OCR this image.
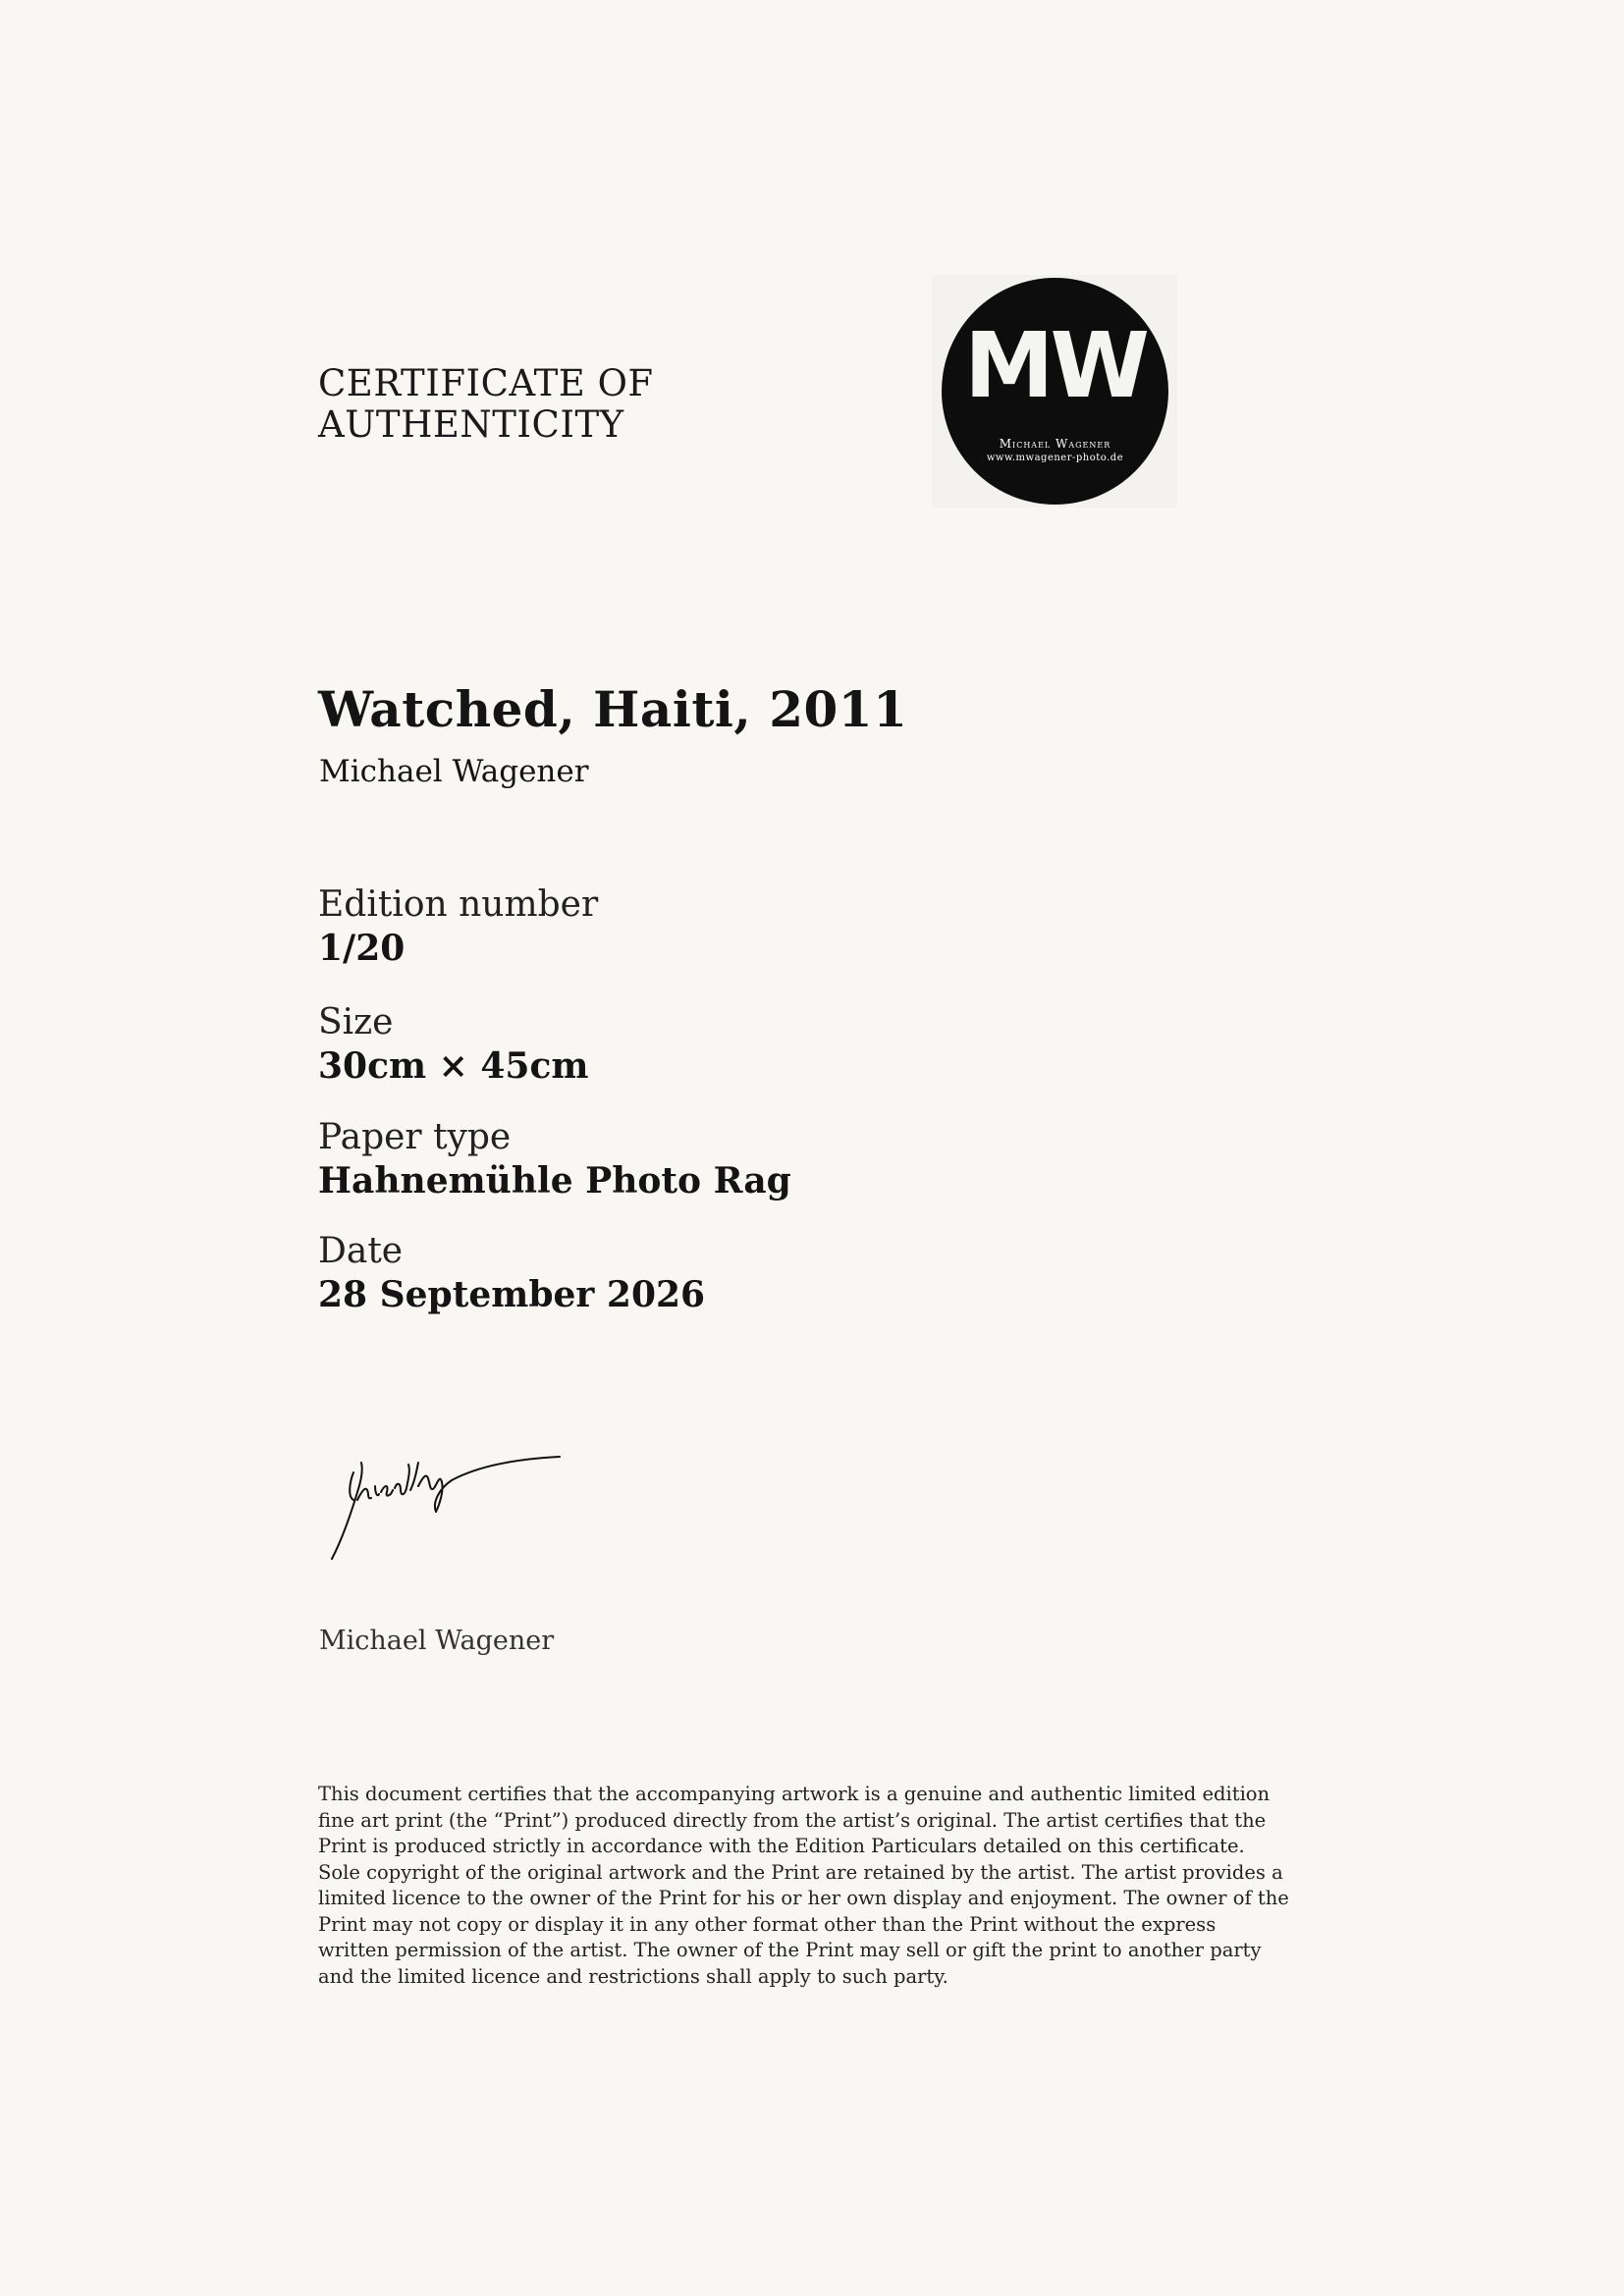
CERTIFICATE OF
AUTHENTICITY
MW
Michael Wagener
www.mwagener-photo.de
Watched, Haiti, 2011
Michael Wagener
Edition number
1/20
Size
30cm × 45cm
Paper type
Hahnemühle Photo Rag
Date
28 September 2026
Michael Wagener
This document certifies that the accompanying artwork is a genuine and authentic limited edition fine art print (the “Print”) produced directly from the artist’s original. The artist certifies that the Print is produced strictly in accordance with the Edition Particulars detailed on this certificate. Sole copyright of the original artwork and the Print are retained by the artist. The artist provides a limited licence to the owner of the Print for his or her own display and enjoyment. The owner of the Print may not copy or display it in any other format other than the Print without the express written permission of the artist. The owner of the Print may sell or gift the print to another party and the limited licence and restrictions shall apply to such party.
